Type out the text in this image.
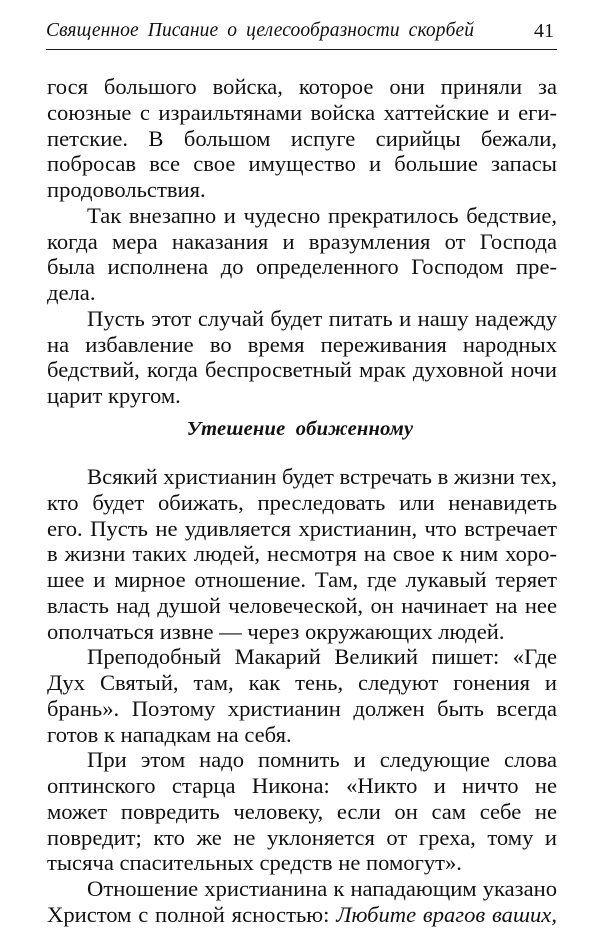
Священное Писание о целесообразности скорбей	41
гося большого войска, которое они приняли за
союзные с израильтянами войска хаттейские и еги-
петские. В большом испуге сирийцы бежали,
побросав все свое имущество и большие запасы
продовольствия.
Так внезапно и чудесно прекратилось бедствие,
когда мера наказания и вразумления от Господа
была исполнена до определенного Господом пре-
дела.
Пусть этот случай будет питать и нашу надежду
на избавление во время переживания народных
бедствий, когда беспросветный мрак духовной ночи
царит кругом.
Утешение обиженному
Всякий христианин будет встречать в жизни тех,
кто будет обижать, преследовать или ненавидеть
его. Пусть не удивляется христианин, что встречает
в жизни таких людей, несмотря на свое к ним хоро-
шее и мирное отношение. Там, где лукавый теряет
власть над душой человеческой, он начинает на нее
ополчаться извне — через окружающих людей.
Преподобный Макарий Великий пишет: «Где
Дух Святый, там, как тень, следуют гонения и
брань». Поэтому христианин должен быть всегда
готов к нападкам на себя.
При этом надо помнить и следующие слова
оптинского старца Никона: «Никто и ничто не
может повредить человеку, если он сам себе не
повредит; кто же не уклоняется от греха, тому и
тысяча спасительных средств не помогут».
Отношение христианина к нападающим указано
Христом с полной ясностью: Любите врагов ваших,
